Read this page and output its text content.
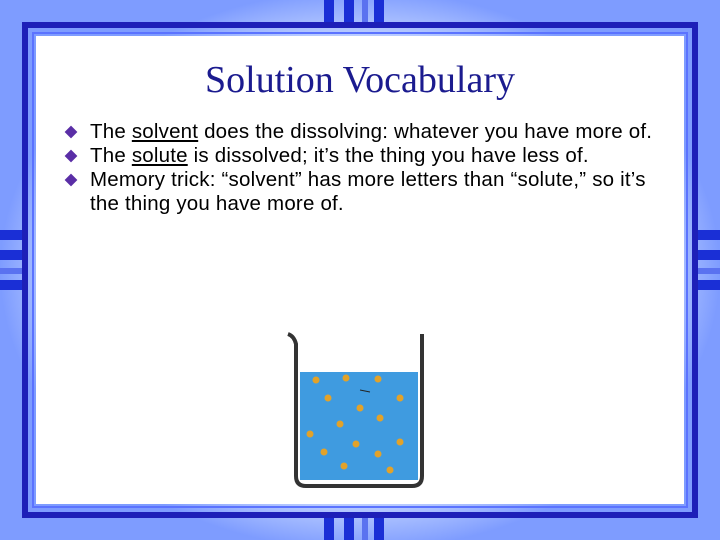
Solution Vocabulary
The solvent does the dissolving: whatever you have more of.
The solute is dissolved; it’s the thing you have less of.
Memory trick: “solvent” has more letters than “solute,” so it’s the thing you have more of.
